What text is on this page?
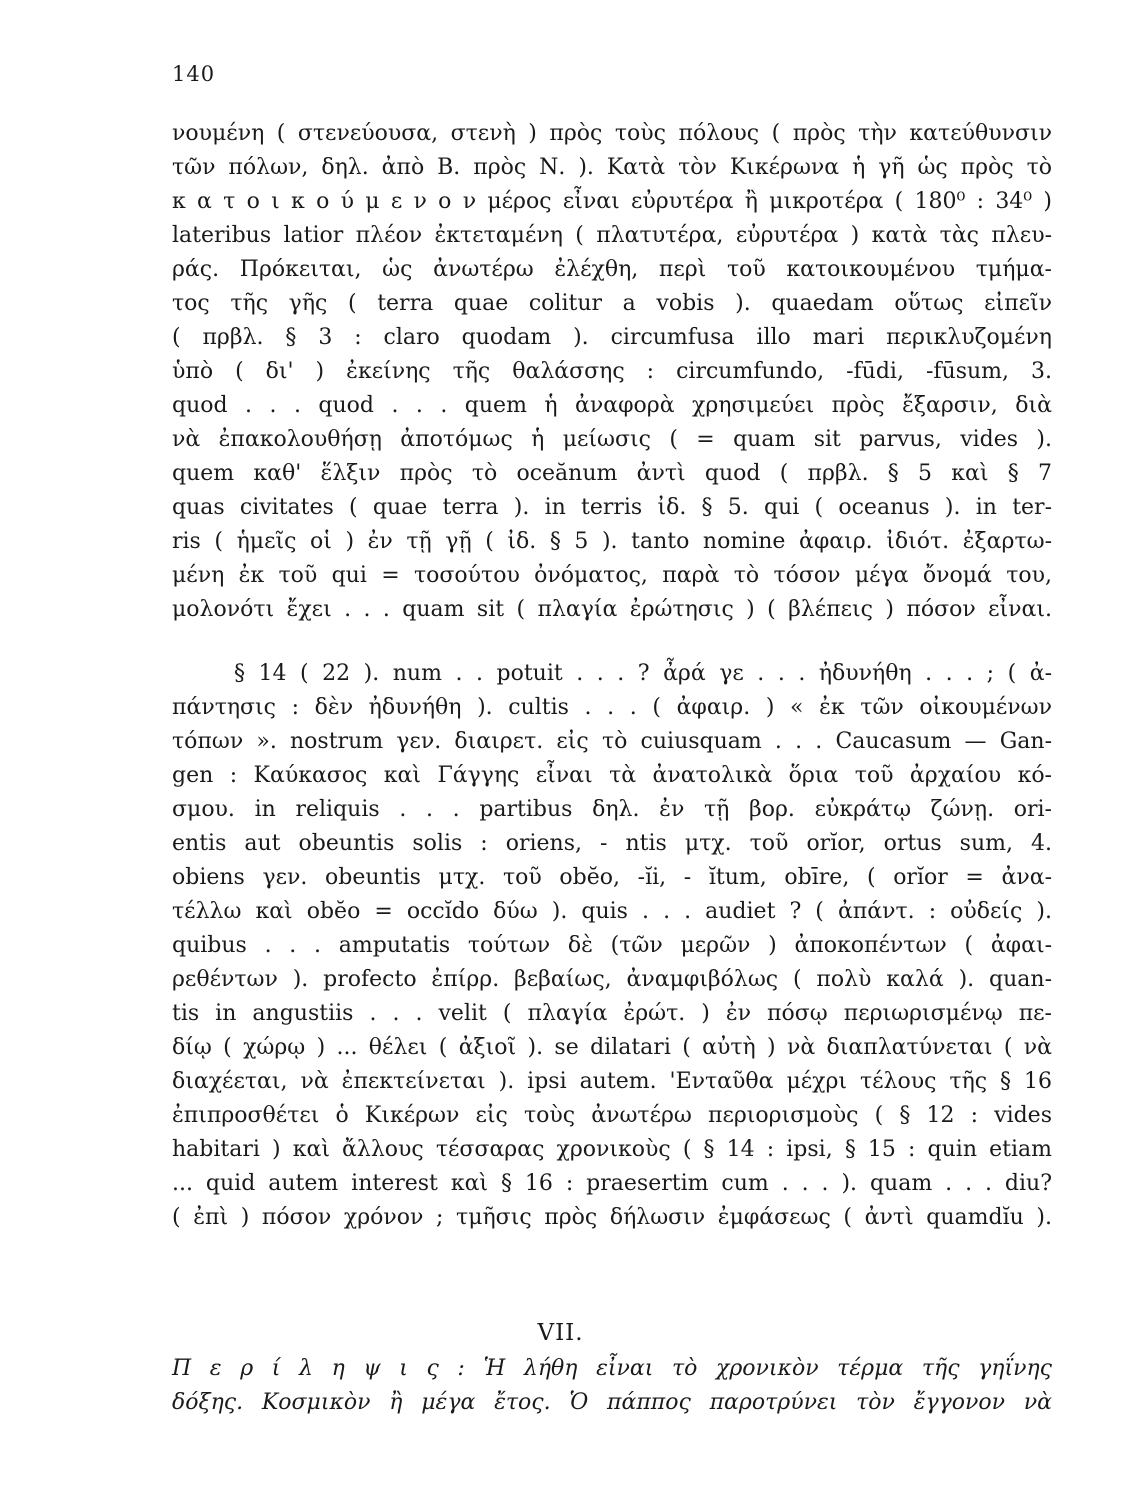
140
νουμένη ( στενεύουσα, στενὴ ) πρὸς τοὺς πόλους ( πρὸς τὴν κατεύθυνσιν
τῶν πόλων, δηλ. ἀπὸ Β. πρὸς Ν. ). Κατὰ τὸν Κικέρωνα ἡ γῆ ὡς πρὸς τὸ
κ α τ ο ι κ ο ύ μ ε ν ο ν μέρος εἶναι εὐρυτέρα ἢ μικροτέρα ( 180⁰ : 34⁰ )
lateribus latior πλέον ἐκτεταμένη ( πλατυτέρα, εὐρυτέρα ) κατὰ τὰς πλευ-
ράς. Πρόκειται, ὡς ἀνωτέρω ἐλέχθη, περὶ τοῦ κατοικουμένου τμήμα-
τος τῆς γῆς ( terra quae colitur a vobis ). quaedam οὕτως εἰπεῖν
( πρβλ. § 3 : claro quodam ). circumfusa illo mari περικλυζομένη
ὑπὸ ( δι' ) ἐκείνης τῆς θαλάσσης : circumfundo, -fūdi, -fūsum, 3.
quod . . . quod . . . quem ἡ ἀναφορὰ χρησιμεύει πρὸς ἔξαρσιν, διὰ
νὰ ἐπακολουθήσῃ ἀποτόμως ἡ μείωσις ( = quam sit parvus, vides ).
quem καθ' ἕλξιν πρὸς τὸ oceănum ἀντὶ quod ( πρβλ. § 5 καὶ § 7
quas civitates ( quae terra ). in terris ἰδ. § 5. qui ( oceanus ). in ter-
ris ( ἡμεῖς οἱ ) ἐν τῇ γῇ ( ἰδ. § 5 ). tanto nomine ἀφαιρ. ἰδιότ. ἐξαρτω-
μένη ἐκ τοῦ qui = τοσούτου ὀνόματος, παρὰ τὸ τόσον μέγα ὄνομά του,
μολονότι ἔχει . . . quam sit ( πλαγία ἐρώτησις ) ( βλέπεις ) πόσον εἶναι.
§ 14 ( 22 ). num . . potuit . . . ? ἆρά γε . . . ἠδυνήθη . . . ; ( ἀ-
πάντησις : δὲν ἠδυνήθη ). cultis . . . ( ἀφαιρ. ) « ἐκ τῶν οἰκουμένων
τόπων ». nostrum γεν. διαιρετ. εἰς τὸ cuiusquam . . . Caucasum — Gan-
gen : Καύκασος καὶ Γάγγης εἶναι τὰ ἀνατολικὰ ὅρια τοῦ ἀρχαίου κό-
σμου. in reliquis . . . partibus δηλ. ἐν τῇ βορ. εὐκράτῳ ζώνῃ. ori-
entis aut obeuntis solis : oriens, - ntis μτχ. τοῦ orĭor, ortus sum, 4.
obiens γεν. obeuntis μτχ. τοῦ obĕo, -ĭi, - ĭtum, obīre, ( orĭor = ἀνα-
τέλλω καὶ obĕo = occĭdo δύω ). quis . . . audiet ? ( ἀπάντ. : οὐδείς ).
quibus . . . amputatis τούτων δὲ (τῶν μερῶν ) ἀποκοπέντων ( ἀφαι-
ρεθέντων ). profecto ἐπίρρ. βεβαίως, ἀναμφιβόλως ( πολὺ καλά ). quan-
tis in angustiis . . . velit ( πλαγία ἐρώτ. ) ἐν πόσῳ περιωρισμένῳ πε-
δίῳ ( χώρῳ ) ... θέλει ( ἀξιοῖ ). se dilatari ( αὐτὴ ) νὰ διαπλατύνεται ( νὰ
διαχέεται, νὰ ἐπεκτείνεται ). ipsi autem. 'Ενταῦθα μέχρι τέλους τῆς § 16
ἐπιπροσθέτει ὁ Κικέρων εἰς τοὺς ἀνωτέρω περιορισμοὺς ( § 12 : vides
habitari ) καὶ ἄλλους τέσσαρας χρονικοὺς ( § 14 : ipsi, § 15 : quin etiam
... quid autem interest καὶ § 16 : praesertim cum . . . ). quam . . . diu?
( ἐπὶ ) πόσον χρόνον ; τμῆσις πρὸς δήλωσιν ἐμφάσεως ( ἀντὶ quamdĭu ).
VII.
Π ε ρ ί λ η ψ ι ς : Ἡ λήθη εἶναι τὸ χρονικὸν τέρμα τῆς γηΐνης
δόξης. Κοσμικὸν ἢ μέγα ἔτος. Ὁ πάππος παροτρύνει τὸν ἔγγονον νὰ
